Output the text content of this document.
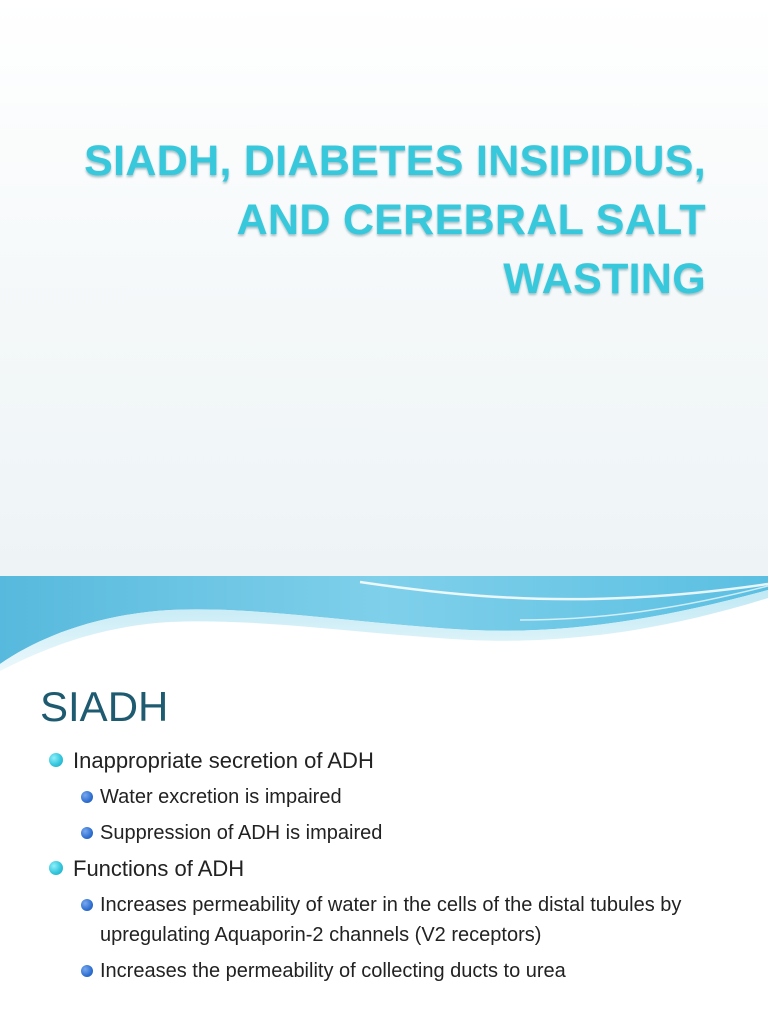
SIADH, DIABETES INSIPIDUS,
AND CEREBRAL SALT
WASTING
SIADH
Inappropriate secretion of ADH
Water excretion is impaired
Suppression of ADH is impaired
Functions of ADH
Increases permeability of water in the cells of the distal tubules by upregulating Aquaporin-2 channels (V2 receptors)
Increases the permeability of collecting ducts to urea
